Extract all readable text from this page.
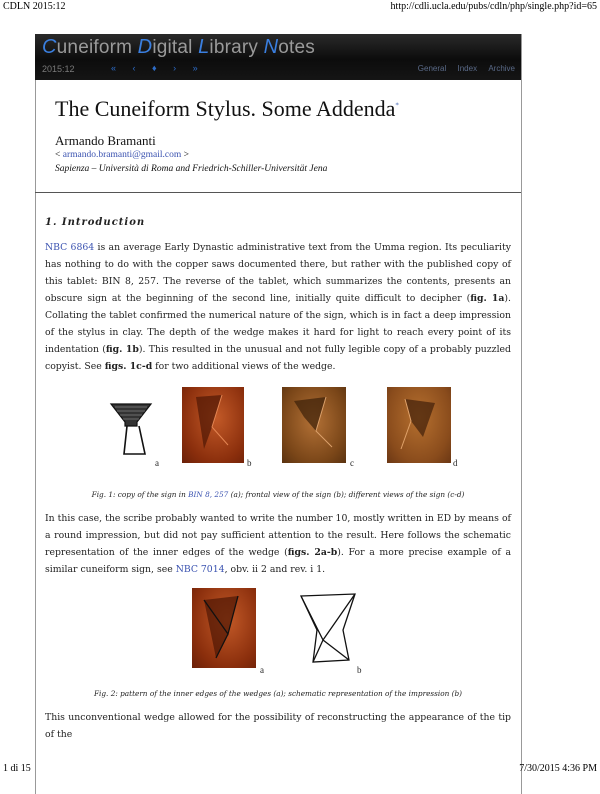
CDLN 2015:12	http://cdli.ucla.edu/pubs/cdln/php/single.php?id=65
Cuneiform Digital Library Notes
2015:12	« ‹ ♦ › »	General Index Archive
The Cuneiform Stylus. Some Addenda*
Armando Bramanti
< armando.bramanti@gmail.com >
Sapienza – Università di Roma and Friedrich-Schiller-Universität Jena
1. Introduction

NBC 6864 is an average Early Dynastic administrative text from the Umma region. Its peculiarity has nothing to do with the copper saws documented there, but rather with the published copy of this tablet: BIN 8, 257. The reverse of the tablet, which summarizes the contents, presents an obscure sign at the beginning of the second line, initially quite difficult to decipher (fig. 1a). Collating the tablet confirmed the numerical nature of the sign, which is in fact a deep impression of the stylus in clay. The depth of the wedge makes it hard for light to reach every point of its indentation (fig. 1b). This resulted in the unusual and not fully legible copy of a probably puzzled copyist. See figs. 1c-d for two additional views of the wedge.

a	b	c	d
Fig. 1: copy of the sign in BIN 8, 257 (a); frontal view of the sign (b); different views of the sign (c-d)

In this case, the scribe probably wanted to write the number 10, mostly written in ED by means of a round impression, but did not pay sufficient attention to the result. Here follows the schematic representation of the inner edges of the wedge (figs. 2a-b). For a more precise example of a similar cuneiform sign, see NBC 7014, obv. ii 2 and rev. i 1.

a	b
Fig. 2: pattern of the inner edges of the wedges (a); schematic representation of the impression (b)

This unconventional wedge allowed for the possibility of reconstructing the appearance of the tip of the

1 di 15	7/30/2015 4:36 PM
